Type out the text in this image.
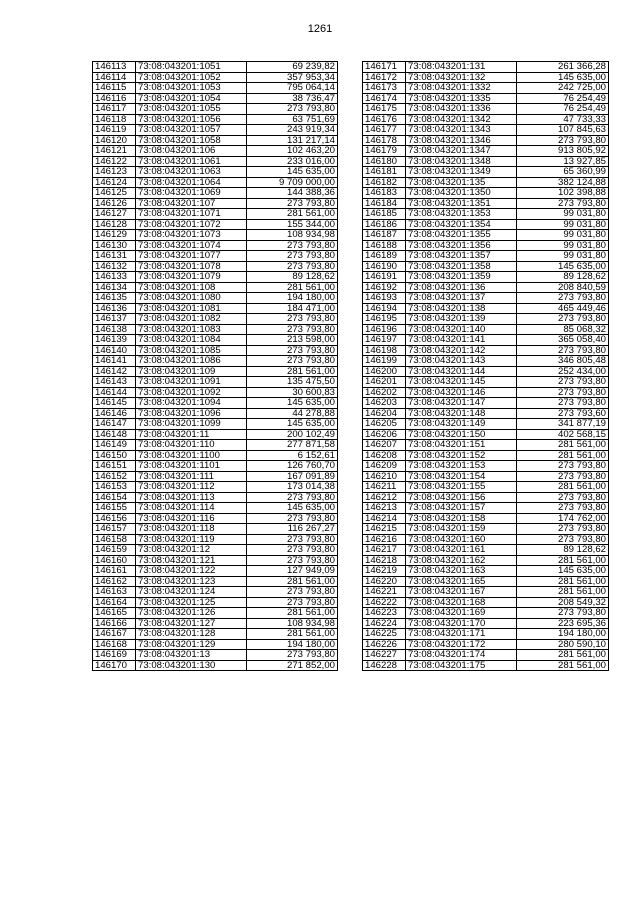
1261
146113	73:08:043201:1051	69 239,82
146114	73:08:043201:1052	357 953,34
146115	73:08:043201:1053	795 064,14
146116	73:08:043201:1054	38 736,47
146117	73:08:043201:1055	273 793,80
146118	73:08:043201:1056	63 751,69
146119	73:08:043201:1057	243 919,34
146120	73:08:043201:1058	131 217,14
146121	73:08:043201:106	102 463,20
146122	73:08:043201:1061	233 016,00
146123	73:08:043201:1063	145 635,00
146124	73:08:043201:1064	9 709 000,00
146125	73:08:043201:1069	144 388,36
146126	73:08:043201:107	273 793,80
146127	73:08:043201:1071	281 561,00
146128	73:08:043201:1072	155 344,00
146129	73:08:043201:1073	108 934,98
146130	73:08:043201:1074	273 793,80
146131	73:08:043201:1077	273 793,80
146132	73:08:043201:1078	273 793,80
146133	73:08:043201:1079	89 128,62
146134	73:08:043201:108	281 561,00
146135	73:08:043201:1080	194 180,00
146136	73:08:043201:1081	184 471,00
146137	73:08:043201:1082	273 793,80
146138	73:08:043201:1083	273 793,80
146139	73:08:043201:1084	213 598,00
146140	73:08:043201:1085	273 793,80
146141	73:08:043201:1086	273 793,80
146142	73:08:043201:109	281 561,00
146143	73:08:043201:1091	135 475,50
146144	73:08:043201:1092	30 600,83
146145	73:08:043201:1094	145 635,00
146146	73:08:043201:1096	44 278,88
146147	73:08:043201:1099	145 635,00
146148	73:08:043201:11	200 102,49
146149	73:08:043201:110	277 871,58
146150	73:08:043201:1100	6 152,61
146151	73:08:043201:1101	126 760,70
146152	73:08:043201:111	167 091,89
146153	73:08:043201:112	173 014,38
146154	73:08:043201:113	273 793,80
146155	73:08:043201:114	145 635,00
146156	73:08:043201:116	273 793,80
146157	73:08:043201:118	116 267,27
146158	73:08:043201:119	273 793,80
146159	73:08:043201:12	273 793,80
146160	73:08:043201:121	273 793,80
146161	73:08:043201:122	127 949,09
146162	73:08:043201:123	281 561,00
146163	73:08:043201:124	273 793,80
146164	73:08:043201:125	273 793,80
146165	73:08:043201:126	281 561,00
146166	73:08:043201:127	108 934,98
146167	73:08:043201:128	281 561,00
146168	73:08:043201:129	194 180,00
146169	73:08:043201:13	273 793,80
146170	73:08:043201:130	271 852,00
146171	73:08:043201:131	261 366,28
146172	73:08:043201:132	145 635,00
146173	73:08:043201:1332	242 725,00
146174	73:08:043201:1335	76 254,49
146175	73:08:043201:1336	76 254,49
146176	73:08:043201:1342	47 733,33
146177	73:08:043201:1343	107 845,63
146178	73:08:043201:1346	273 793,80
146179	73:08:043201:1347	913 805,92
146180	73:08:043201:1348	13 927,85
146181	73:08:043201:1349	65 360,99
146182	73:08:043201:135	382 124,88
146183	73:08:043201:1350	102 398,88
146184	73:08:043201:1351	273 793,80
146185	73:08:043201:1353	99 031,80
146186	73:08:043201:1354	99 031,80
146187	73:08:043201:1355	99 031,80
146188	73:08:043201:1356	99 031,80
146189	73:08:043201:1357	99 031,80
146190	73:08:043201:1358	145 635,00
146191	73:08:043201:1359	89 128,62
146192	73:08:043201:136	208 840,59
146193	73:08:043201:137	273 793,80
146194	73:08:043201:138	465 449,46
146195	73:08:043201:139	273 793,80
146196	73:08:043201:140	85 068,32
146197	73:08:043201:141	365 058,40
146198	73:08:043201:142	273 793,80
146199	73:08:043201:143	346 805,48
146200	73:08:043201:144	252 434,00
146201	73:08:043201:145	273 793,80
146202	73:08:043201:146	273 793,80
146203	73:08:043201:147	273 793,80
146204	73:08:043201:148	273 793,60
146205	73:08:043201:149	341 877,19
146206	73:08:043201:150	402 568,15
146207	73:08:043201:151	281 561,00
146208	73:08:043201:152	281 561,00
146209	73:08:043201:153	273 793,80
146210	73:08:043201:154	273 793,80
146211	73:08:043201:155	281 561,00
146212	73:08:043201:156	273 793,80
146213	73:08:043201:157	273 793,80
146214	73:08:043201:158	174 762,00
146215	73:08:043201:159	273 793,80
146216	73:08:043201:160	273 793,80
146217	73:08:043201:161	89 128,62
146218	73:08:043201:162	281 561,00
146219	73:08:043201:163	145 635,00
146220	73:08:043201:165	281 561,00
146221	73:08:043201:167	281 561,00
146222	73:08:043201:168	208 549,32
146223	73:08:043201:169	273 793,80
146224	73:08:043201:170	223 695,36
146225	73:08:043201:171	194 180,00
146226	73:08:043201:172	280 590,10
146227	73:08:043201:174	281 561,00
146228	73:08:043201:175	281 561,00
